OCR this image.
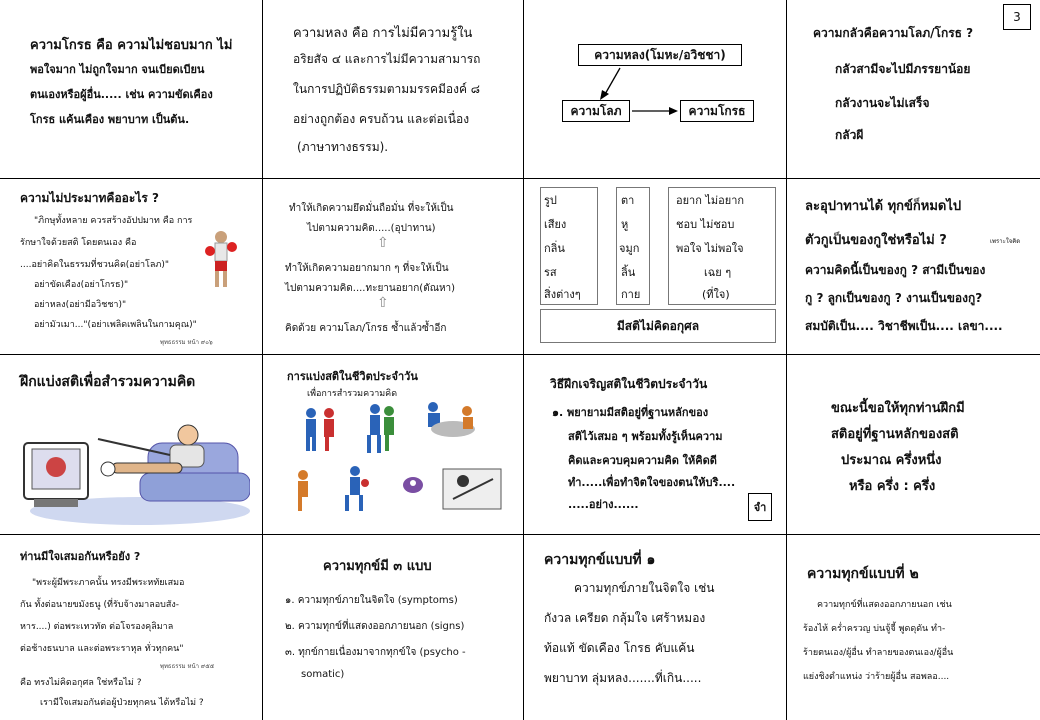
3
ความโกรธ คือ ความไม่ชอบมาก ไม่
พอใจมาก ไม่ถูกใจมาก จนเบียดเบียน
ตนเองหรือผู้อื่น..... เช่น ความขัดเคือง
โกรธ แค้นเคือง พยาบาท เป็นต้น.
ความหลง คือ การไม่มีความรู้ใน
อริยสัจ ๔ และการไม่มีความสามารถ
ในการปฏิบัติธรรมตามมรรคมีองค์ ๘
อย่างถูกต้อง ครบถ้วน และต่อเนื่อง
(ภาษาทางธรรม).
ความหลง(โมหะ/อวิชชา)
ความโลภ	ความโกรธ
ความกลัวคือความโลภ/โกรธ ?
กลัวสามีจะไปมีภรรยาน้อย
กลัวงานจะไม่เสร็จ
กลัวผี
ความไม่ประมาทคืออะไร ?
"ภิกษุทั้งหลาย ควรสร้างอัปปมาท คือ การ
รักษาใจด้วยสติ โดยตนเอง คือ
....อย่าคิดในธรรมที่ชวนคิด(อย่าโลภ)"
อย่าขัดเคือง(อย่าโกรธ)"
อย่าหลง(อย่ามีอวิชชา)"
อย่ามัวเมา..."(อย่าเพลิดเพลินในกามคุณ)"
พุทธธรรม หน้า ๙๐๖
ทำให้เกิดความยึดมั่นถือมั่น ที่จะให้เป็น
ไปตามความคิด.....(อุปาทาน)
⇧
ทำให้เกิดความอยากมาก ๆ ที่จะให้เป็น
ไปตามความคิด....ทะยานอยาก(ตัณหา)
⇧
คิดด้วย ความโลภ/โกรธ ซ้ำแล้วซ้ำอีก
รูป
เสียง
กลิ่น
รส
สิ่งต่างๆ
ตา
หู
จมูก
ลิ้น
กาย
อยาก ไม่อยาก
ชอบ ไม่ชอบ
พอใจ ไม่พอใจ
เฉย ๆ
(ที่ใจ)
มีสติไม่คิดอกุศล
ละอุปาทานได้ ทุกข์ก็หมดไป
ตัวกูเป็นของกูใช่หรือไม่ ?	เพราะใจคิด
ความคิดนี้เป็นของกู ? สามีเป็นของ
กู ? ลูกเป็นของกู ? งานเป็นของกู?
สมบัติเป็น.... วิชาชีพเป็น.... เลขา....
ฝึกแบ่งสติเพื่อสำรวมความคิด	การแบ่งสติในชีวิตประจำวัน
เพื่อการสำรวมความคิด
วิธีฝึกเจริญสติในชีวิตประจำวัน
๑. พยายามมีสติอยู่ที่ฐานหลักของ
สติไว้เสมอ ๆ พร้อมทั้งรู้เห็นความ
คิดและควบคุมความคิด ให้คิดดี
ทำ.....เพื่อทำจิตใจของตนให้บริ....
.....อย่าง......	จำ
ขณะนี้ขอให้ทุกท่านฝึกมี
สติอยู่ที่ฐานหลักของสติ
ประมาณ ครึ่งหนึ่ง
หรือ ครึ่ง : ครึ่ง
ท่านมีใจเสมอกันหรือยัง ?
"พระผู้มีพระภาคนั้น ทรงมีพระหทัยเสมอ
กัน ทั้งต่อนายขมังธนู (ที่รับจ้างมาลอบสัง-
หาร....) ต่อพระเทวทัต ต่อโจรองคุลิมาล
ต่อช้างธนบาล และต่อพระราหุล ทั่วทุกคน"
พุทธธรรม หน้า ๙๕๕
คือ ทรงไม่คิดอกุศล ใช่หรือไม่ ?
เรามีใจเสมอกันต่อผู้ป่วยทุกคน ได้หรือไม่ ?
ความทุกข์มี ๓ แบบ
๑. ความทุกข์ภายในจิตใจ (symptoms)
๒. ความทุกข์ที่แสดงออกภายนอก (signs)
๓. ทุกข์กายเนื่องมาจากทุกข์ใจ (psycho -
somatic)
ความทุกข์แบบที่ ๑
ความทุกข์ภายในจิตใจ เช่น
กังวล เครียด กลุ้มใจ เศร้าหมอง
ท้อแท้ ขัดเคือง โกรธ คับแค้น
พยาบาท ลุ่มหลง.......ที่เกิน.....
ความทุกข์แบบที่ ๒
ความทุกข์ที่แสดงออกภายนอก เช่น
ร้องไห้ คร่ำครวญ บ่นจู้จี้ พูดดุดัน ทำ-
ร้ายตนเอง/ผู้อื่น ทำลายของตนเอง/ผู้อื่น
แย่งชิงตำแหน่ง ว่าร้ายผู้อื่น สอพลอ....
